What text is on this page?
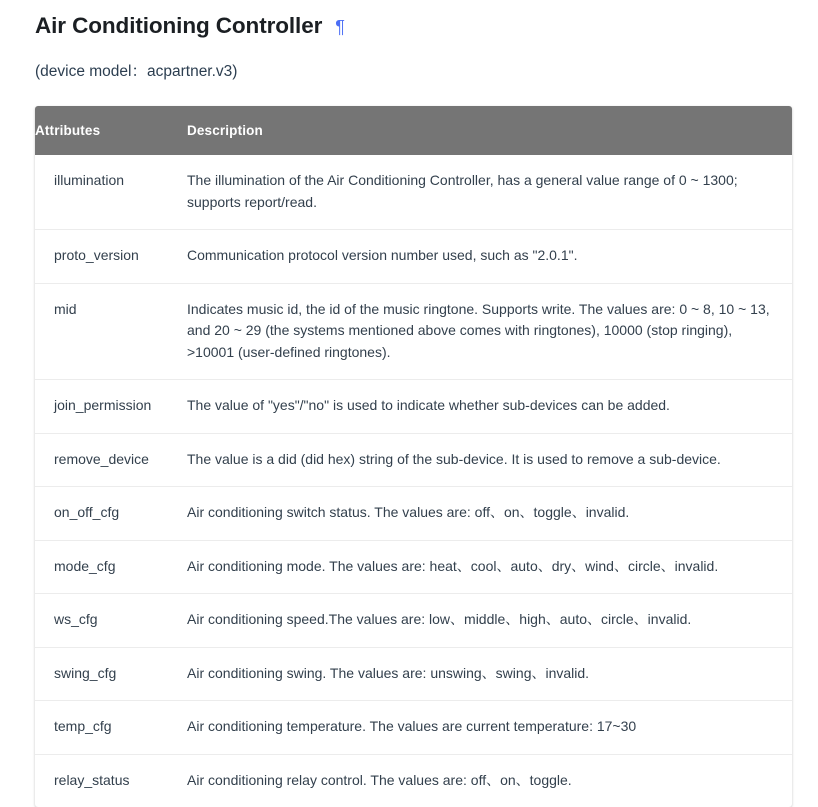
Air Conditioning Controller ¶

(device model：acpartner.v3)

Attributes	Description
illumination	The illumination of the Air Conditioning Controller, has a general value range of 0 ~ 1300; supports report/read.
proto_version	Communication protocol version number used, such as "2.0.1".
mid	Indicates music id, the id of the music ringtone. Supports write. The values are: 0 ~ 8, 10 ~ 13, and 20 ~ 29 (the systems mentioned above comes with ringtones), 10000 (stop ringing), >10001 (user-defined ringtones).
join_permission	The value of "yes"/"no" is used to indicate whether sub-devices can be added.
remove_device	The value is a did (did hex) string of the sub-device. It is used to remove a sub-device.
on_off_cfg	Air conditioning switch status. The values are: off、on、toggle、invalid.
mode_cfg	Air conditioning mode. The values are: heat、cool、auto、dry、wind、circle、invalid.
ws_cfg	Air conditioning speed.The values are: low、middle、high、auto、circle、invalid.
swing_cfg	Air conditioning swing. The values are: unswing、swing、invalid.
temp_cfg	Air conditioning temperature. The values are current temperature: 17~30
relay_status	Air conditioning relay control. The values are: off、on、toggle.
